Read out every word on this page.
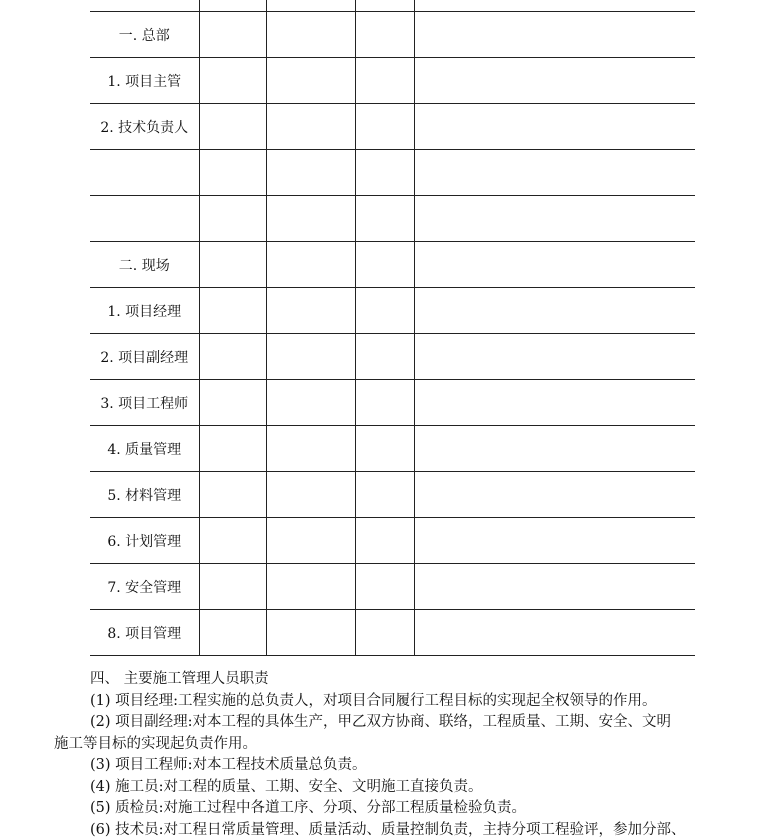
一. 总部				
1. 项目主管				
2. 技术负责人				

二. 现场				
1. 项目经理				
2. 项目副经理				
3. 项目工程师				
4. 质量管理				
5. 材料管理				
6. 计划管理				
7. 安全管理				
8. 项目管理				
四、 主要施工管理人员职责
(1) 项目经理:工程实施的总负责人，对项目合同履行工程目标的实现起全权领导的作用。
(2) 项目副经理:对本工程的具体生产，甲乙双方协商、联络，工程质量、工期、安全、文明
施工等目标的实现起负责作用。
(3) 项目工程师:对本工程技术质量总负责。
(4) 施工员:对工程的质量、工期、安全、文明施工直接负责。
(5) 质检员:对施工过程中各道工序、分项、分部工程质量检验负责。
(6) 技术员:对工程日常质量管理、质量活动、质量控制负责，主持分项工程验评，参加分部、
